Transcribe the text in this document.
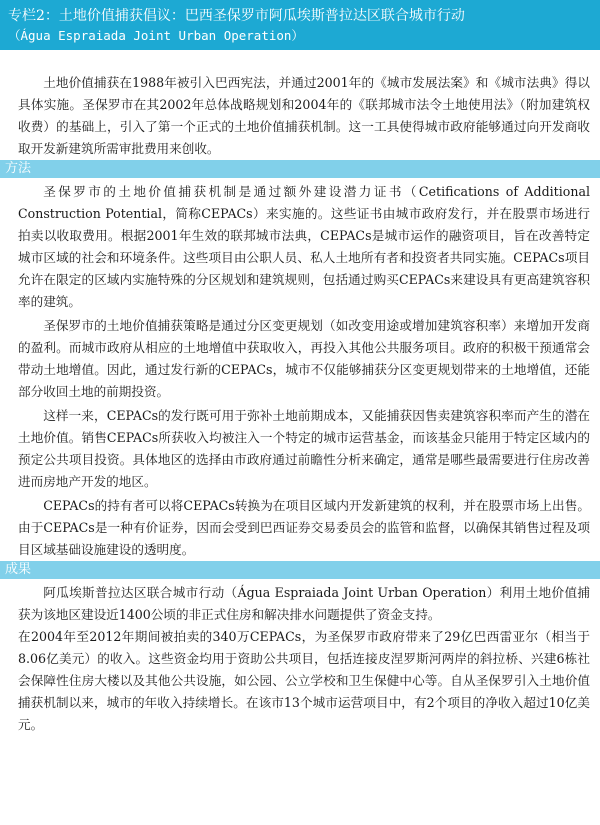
专栏2：土地价值捕获倡议：巴西圣保罗市阿瓜埃斯普拉达区联合城市行动
（Água Espraiada Joint Urban Operation）

土地价值捕获在1988年被引入巴西宪法，并通过2001年的《城市发展法案》和《城市法典》得以具体实施。圣保罗市在其2002年总体战略规划和2004年的《联邦城市法令土地使用法》（附加建筑权收费）的基础上，引入了第一个正式的土地价值捕获机制。这一工具使得城市政府能够通过向开发商收取开发新建筑所需审批费用来创收。

方法

圣保罗市的土地价值捕获机制是通过额外建设潜力证书（Cetifications of Additional Construction Potential，简称CEPACs）来实施的。这些证书由城市政府发行，并在股票市场进行拍卖以收取费用。根据2001年生效的联邦城市法典，CEPACs是城市运作的融资项目，旨在改善特定城市区域的社会和环境条件。这些项目由公职人员、私人土地所有者和投资者共同实施。CEPACs项目允许在限定的区域内实施特殊的分区规划和建筑规则，包括通过购买CEPACs来建设具有更高建筑容积率的建筑。

圣保罗市的土地价值捕获策略是通过分区变更规划（如改变用途或增加建筑容积率）来增加开发商的盈利。而城市政府从相应的土地增值中获取收入，再投入其他公共服务项目。政府的积极干预通常会带动土地增值。因此，通过发行新的CEPACs，城市不仅能够捕获分区变更规划带来的土地增值，还能部分收回土地的前期投资。

这样一来，CEPACs的发行既可用于弥补土地前期成本，又能捕获因售卖建筑容积率而产生的潜在土地价值。销售CEPACs所获收入均被注入一个特定的城市运营基金，而该基金只能用于特定区域内的预定公共项目投资。具体地区的选择由市政府通过前瞻性分析来确定，通常是哪些最需要进行住房改善进而房地产开发的地区。

CEPACs的持有者可以将CEPACs转换为在项目区域内开发新建筑的权利，并在股票市场上出售。由于CEPACs是一种有价证券，因而会受到巴西证券交易委员会的监管和监督，以确保其销售过程及项目区域基础设施建设的透明度。

成果

阿瓜埃斯普拉达区联合城市行动（Água Espraiada Joint Urban Operation）利用土地价值捕获为该地区建设近1400公顷的非正式住房和解决排水问题提供了资金支持。

在2004年至2012年期间被拍卖的340万CEPACs，为圣保罗市政府带来了29亿巴西雷亚尔（相当于8.06亿美元）的收入。这些资金均用于资助公共项目，包括连接皮涅罗斯河两岸的斜拉桥、兴建6栋社会保障性住房大楼以及其他公共设施，如公园、公立学校和卫生保健中心等。自从圣保罗引入土地价值捕获机制以来，城市的年收入持续增长。在该市13个城市运营项目中，有2个项目的净收入超过10亿美元。
